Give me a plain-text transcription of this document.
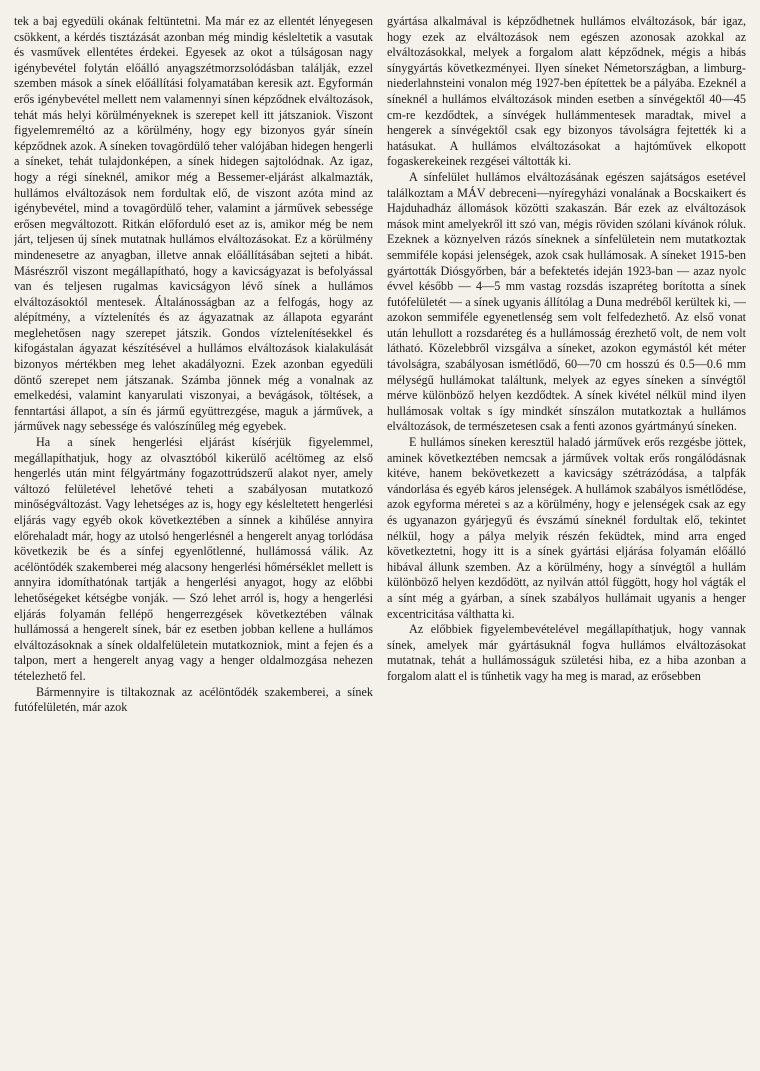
tek a baj egyedüli okának feltüntetni. Ma már ez az ellentét lényegesen csökkent, a kérdés tisztázását azonban még mindig késleltetik a vasutak és vasművek ellentétes érdekei. Egyesek az okot a túlságosan nagy igénybevétel folytán előálló anyagszétmorzsolódásban találják, ezzel szemben mások a sínek előállítási folyamatában keresik azt. Egyformán erős igénybevétel mellett nem valamennyi sínen képződnek elváltozások, tehát más helyi körülményeknek is szerepet kell itt játszaniok. Viszont figyelemreméltó az a körülmény, hogy egy bizonyos gyár síneín képződnek azok. A síneken tovagördülő teher valójában hidegen hengerli a síneket, tehát tulajdonképen, a sínek hidegen sajtolódnak. Az igaz, hogy a régi síneknél, amikor még a Bessemer-eljárást alkalmazták, hullámos elváltozások nem fordultak elő, de viszont azóta mind az igénybevétel, mind a tovagördülő teher, valamint a járművek sebessége erősen megváltozott. Ritkán előforduló eset az is, amikor még be nem járt, teljesen új sínek mutatnak hullámos elváltozásokat. Ez a körülmény mindenesetre az anyagban, illetve annak előállításában sejteti a hibát. Másrészről viszont megállapítható, hogy a kavicságyazat is befolyással van és teljesen rugalmas kavicságyon lévő sínek a hullámos elváltozásoktól mentesek. Általánosságban az a felfogás, hogy az alépítmény, a víztelenítés és az ágyazatnak az állapota egyaránt meglehetősen nagy szerepet játszik. Gondos víztelenítésekkel és kifogástalan ágyazat készítésével a hullámos elváltozások kialakulását bizonyos mértékben meg lehet akadályozni. Ezek azonban egyedüli döntő szerepet nem játszanak. Számba jönnek még a vonalnak az emelkedési, valamint kanyarulati viszonyai, a bevágások, töltések, a fenntartási állapot, a sín és jármű együttrezgése, maguk a járművek, a járművek nagy sebessége és valószínűleg még egyebek.

Ha a sínek hengerlési eljárást kísérjük figyelemmel, megállapíthatjuk, hogy az olvasztóból kikerülő acéltömeg az első hengerlés után mint félgyártmány fogazottrúdszerű alakot nyer, amely változó felületével lehetővé teheti a szabályosan mutatkozó minőségváltozást. Vagy lehetséges az is, hogy egy késleltetett hengerlési eljárás vagy egyéb okok következtében a sínnek a kihűlése annyira előrehaladt már, hogy az utolsó hengerlésnél a hengerelt anyag torlódása következik be és a sínfej egyenlőtlenné, hullámossá válik. Az acélöntődék szakemberei még alacsony hengerlési hőmérséklet mellett is annyira idomíthatónak tartják a hengerlési anyagot, hogy az előbbi lehetőségeket kétségbe vonják. — Szó lehet arról is, hogy a hengerlési eljárás folyamán fellépő hengerrezgések következtében válnak hullámossá a hengerelt sínek, bár ez esetben jobban kellene a hullámos elváltozásoknak a sínek oldalfelületein mutatkozniok, mint a fejen és a talpon, mert a hengerelt anyag vagy a henger oldalmozgása nehezen tételezhető fel.

Bármennyire is tiltakoznak az acélöntődék szakemberei, a sínek futófelületén, már azok

gyártása alkalmával is képződhetnek hullámos elváltozások, bár igaz, hogy ezek az elváltozások nem egészen azonosak azokkal az elváltozásokkal, melyek a forgalom alatt képződnek, mégis a hibás sínygyártás következményei. Ilyen síneket Németországban, a limburg-niederlahnsteini vonalon még 1927-ben építettek be a pályába. Ezeknél a síneknél a hullámos elváltozások minden esetben a sínvégektől 40—45 cm-re kezdődtek, a sínvégek hullámmentesek maradtak, mivel a hengerek a sínvégektől csak egy bizonyos távolságra fejtették ki a hatásukat. A hullámos elváltozásokat a hajtóművek elkopott fogaskerekeinek rezgései váltották ki.

A sínfelület hullámos elváltozásának egészen sajátságos esetével találkoztam a MÁV debreceni—nyíregyházi vonalának a Bocskaikert és Hajduhadház állomások közötti szakaszán. Bár ezek az elváltozások mások mint amelyekről itt szó van, mégis röviden szólani kívánok róluk. Ezeknek a köznyelven rázós síneknek a sínfelületein nem mutatkoztak semmiféle kopási jelenségek, azok csak hullámosak. A síneket 1915-ben gyártották Diósgyőrben, bár a befektetés ideján 1923-ban — azaz nyolc évvel később — 4—5 mm vastag rozsdás iszapréteg borította a sínek futófelületét — a sínek ugyanis állítólag a Duna medréből kerültek ki, — azokon semmiféle egyenetlenség sem volt felfedezhető. Az első vonat után lehullott a rozsdaréteg és a hullámosság érezhető volt, de nem volt látható. Közelebbről vizsgálva a síneket, azokon egymástól két méter távolságra, szabályosan ismétlődő, 60—70 cm hosszú és 0.5—0.6 mm mélységű hullámokat találtunk, melyek az egyes síneken a sínvégtől mérve különböző helyen kezdődtek. A sínek kivétel nélkül mind ilyen hullámosak voltak s így mindkét sínszálon mutatkoztak a hullámos elváltozások, de természetesen csak a fenti azonos gyártmányú síneken.

E hullámos síneken keresztül haladó járművek erős rezgésbe jöttek, aminek következtében nemcsak a járművek voltak erős rongálódásnak kitéve, hanem bekövetkezett a kavicságy szétrázódása, a talpfák vándorlása és egyéb káros jelenségek. A hullámok szabályos ismétlődése, azok egyforma méretei s az a körülmény, hogy e jelenségek csak az egy és ugyanazon gyárjegyű és évszámú síneknél fordultak elő, tekintet nélkül, hogy a pálya melyik részén feküdtek, mind arra enged következtetni, hogy itt is a sínek gyártási eljárása folyamán előálló hibával állunk szemben. Az a körülmény, hogy a sínvégtől a hullám különböző helyen kezdődött, az nyilván attól függött, hogy hol vágták el a sínt még a gyárban, a sínek szabályos hullámait ugyanis a henger excentricitása válthatta ki.

Az előbbiek figyelembevételével megállapíthatjuk, hogy vannak sínek, amelyek már gyártásuknál fogva hullámos elváltozásokat mutatnak, tehát a hullámosságuk születési hiba, ez a hiba azonban a forgalom alatt el is tűnhetik vagy ha meg is marad, az erősebben
